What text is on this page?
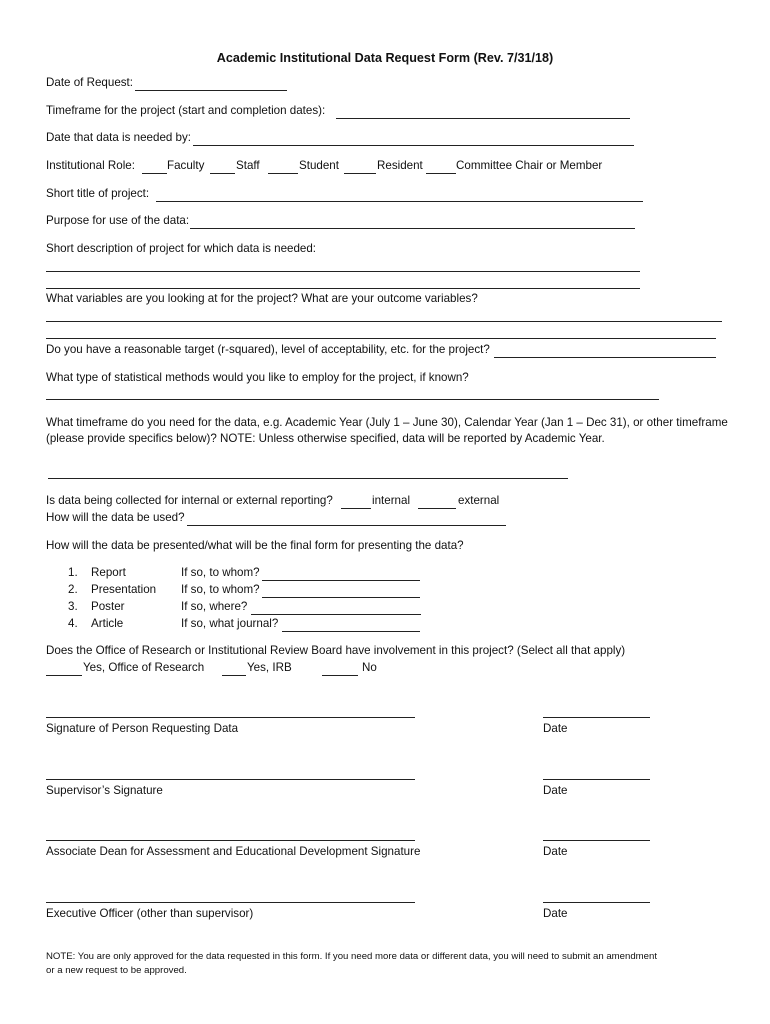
Academic Institutional Data Request Form (Rev. 7/31/18)
Date of Request:
Timeframe for the project (start and completion dates):
Date that data is needed by:
Institutional Role:	Faculty	Staff	Student	Resident	Committee Chair or Member
Short title of project:
Purpose for use of the data:
Short description of project for which data is needed:
What variables are you looking at for the project? What are your outcome variables?
Do you have a reasonable target (r-squared), level of acceptability, etc. for the project?
What type of statistical methods would you like to employ for the project, if known?
What timeframe do you need for the data, e.g. Academic Year (July 1 – June 30), Calendar Year (Jan 1 – Dec 31), or other timeframe
(please provide specifics below)? NOTE: Unless otherwise specified, data will be reported by Academic Year.
Is data being collected for internal or external reporting?	internal	external
How will the data be used?
How will the data be presented/what will be the final form for presenting the data?
1. Report	If so, to whom?
2. Presentation If so, to whom?
3. Poster	If so, where?
4. Article	If so, what journal?
Does the Office of Research or Institutional Review Board have involvement in this project? (Select all that apply)
Yes, Office of Research	Yes, IRB	No
Signature of Person Requesting Data	Date
Supervisor’s Signature	Date
Associate Dean for Assessment and Educational Development Signature	Date
Executive Officer (other than supervisor)	Date
NOTE: You are only approved for the data requested in this form. If you need more data or different data, you will need to submit an amendment
or a new request to be approved.
